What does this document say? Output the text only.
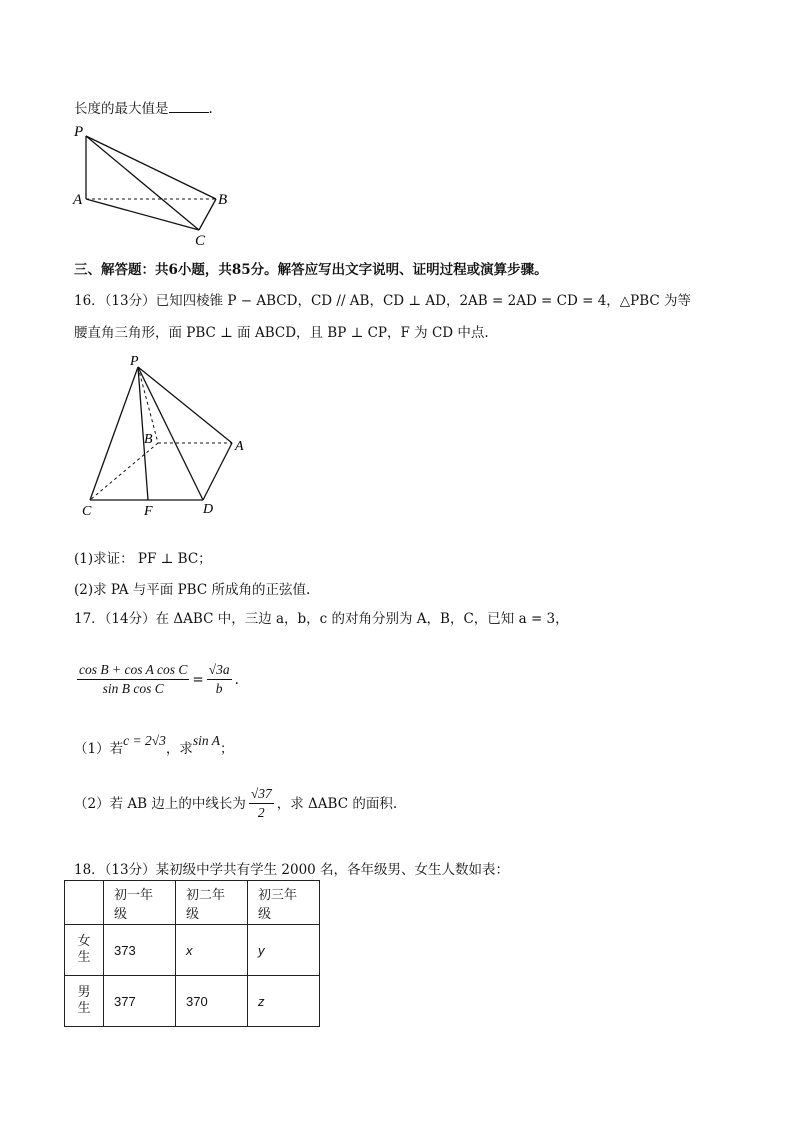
长度的最大值是	.
P
A	B
C
三、解答题：共6小题，共85分。解答应写出文字说明、证明过程或演算步骤。
16．（13分）已知四棱锥 P − ABCD，CD // AB，CD ⊥ AD，2AB = 2AD = CD = 4，△PBC 为等
腰直角三角形，面 PBC ⊥ 面 ABCD，且 BP ⊥ CP，F 为 CD 中点.
P
B	A
C	F	D
(1)求证： PF ⊥ BC；
(2)求 PA 与平面 PBC 所成角的正弦值.
17．（14分）在 ΔABC 中，三边 a，b，c 的对角分别为 A，B，C，已知 a = 3，
$\frac{\text{cos B + cos A cos C}}{\text{sin B cos C}} = \frac{√3a}{b}$ .
（1）若c = 2√3，求sin A；
（2）若 AB 边上的中线长为 $\frac{√37}{2}$ ，求 ΔABC 的面积.
18．（13分）某初级中学共有学生 2000 名，各年级男、女生人数如表：
	初一年级	初二年级	初三年级
女生	373	x	y
男生	377	370	z
